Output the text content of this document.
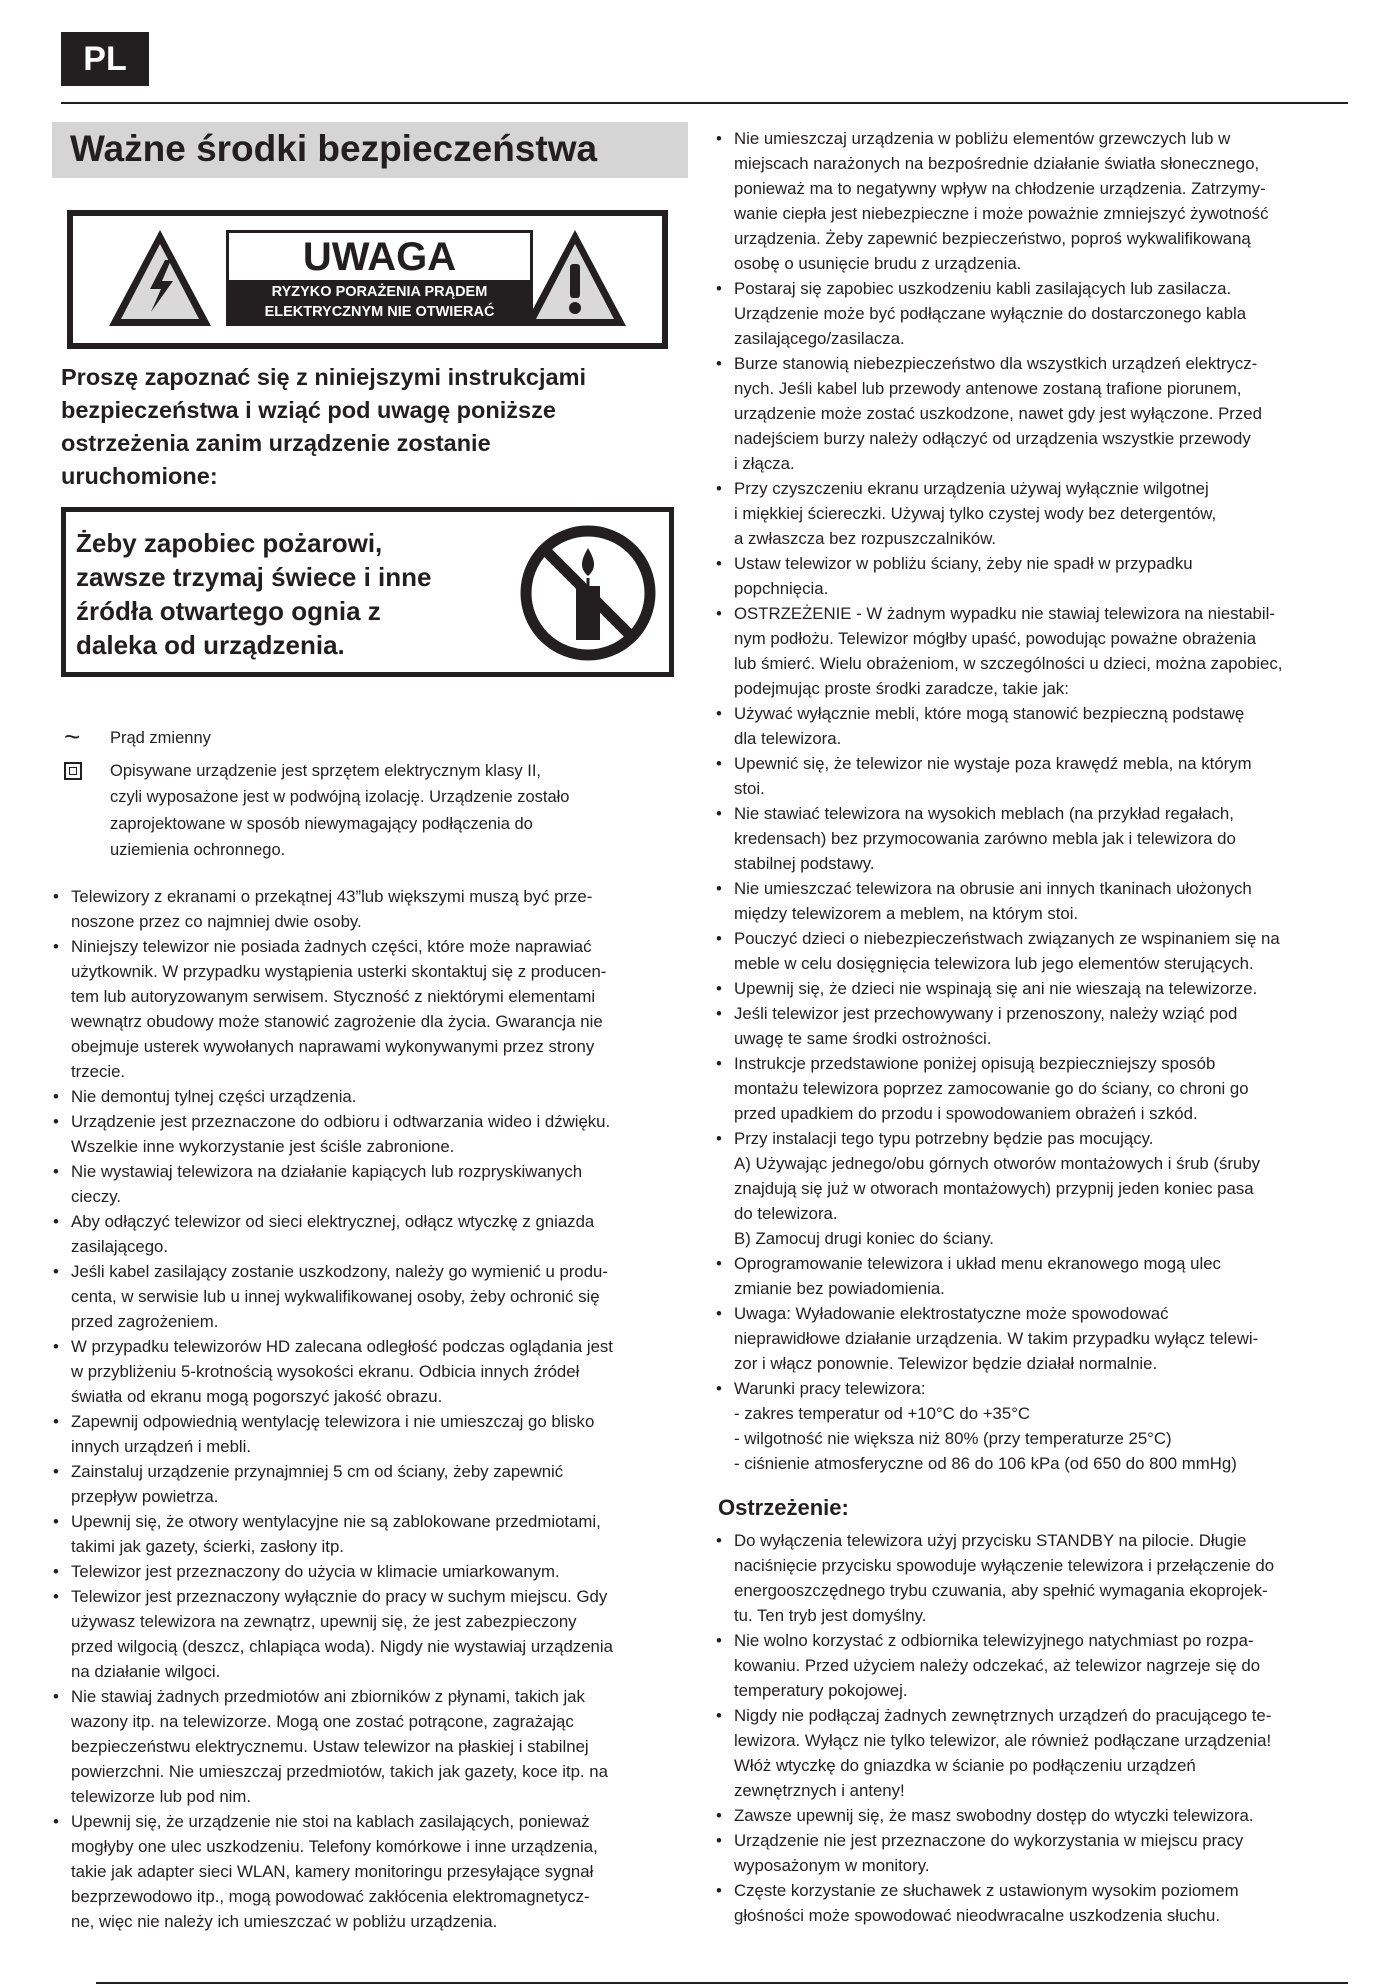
PL
Ważne środki bezpieczeństwa
UWAGA
RYZYKO PORAŻENIA PRĄDEM
ELEKTRYCZNYM NIE OTWIERAĆ
Proszę zapoznać się z niniejszymi instrukcjami
bezpieczeństwa i wziąć pod uwagę poniższe
ostrzeżenia zanim urządzenie zostanie
uruchomione:
Żeby zapobiec pożarowi,
zawsze trzymaj świece i inne
źródła otwartego ognia z
daleka od urządzenia.
~ Prąd zmienny
Opisywane urządzenie jest sprzętem elektrycznym klasy II,
czyli wyposażone jest w podwójną izolację. Urządzenie zostało
zaprojektowane w sposób niewymagający podłączenia do
uziemienia ochronnego.
• Telewizory z ekranami o przekątnej 43”lub większymi muszą być prze-
noszone przez co najmniej dwie osoby.
• Niniejszy telewizor nie posiada żadnych części, które może naprawiać
użytkownik. W przypadku wystąpienia usterki skontaktuj się z producen-
tem lub autoryzowanym serwisem. Styczność z niektórymi elementami
wewnątrz obudowy może stanowić zagrożenie dla życia. Gwarancja nie
obejmuje usterek wywołanych naprawami wykonywanymi przez strony
trzecie.
• Nie demontuj tylnej części urządzenia.
• Urządzenie jest przeznaczone do odbioru i odtwarzania wideo i dźwięku.
Wszelkie inne wykorzystanie jest ściśle zabronione.
• Nie wystawiaj telewizora na działanie kapiących lub rozpryskiwanych
cieczy.
• Aby odłączyć telewizor od sieci elektrycznej, odłącz wtyczkę z gniazda
zasilającego.
• Jeśli kabel zasilający zostanie uszkodzony, należy go wymienić u produ-
centa, w serwisie lub u innej wykwalifikowanej osoby, żeby ochronić się
przed zagrożeniem.
• W przypadku telewizorów HD zalecana odległość podczas oglądania jest
w przybliżeniu 5-krotnością wysokości ekranu. Odbicia innych źródeł
światła od ekranu mogą pogorszyć jakość obrazu.
• Zapewnij odpowiednią wentylację telewizora i nie umieszczaj go blisko
innych urządzeń i mebli.
• Zainstaluj urządzenie przynajmniej 5 cm od ściany, żeby zapewnić
przepływ powietrza.
• Upewnij się, że otwory wentylacyjne nie są zablokowane przedmiotami,
takimi jak gazety, ścierki, zasłony itp.
• Telewizor jest przeznaczony do użycia w klimacie umiarkowanym.
• Telewizor jest przeznaczony wyłącznie do pracy w suchym miejscu. Gdy
używasz telewizora na zewnątrz, upewnij się, że jest zabezpieczony
przed wilgocią (deszcz, chlapiąca woda). Nigdy nie wystawiaj urządzenia
na działanie wilgoci.
• Nie stawiaj żadnych przedmiotów ani zbiorników z płynami, takich jak
wazony itp. na telewizorze. Mogą one zostać potrącone, zagrażając
bezpieczeństwu elektrycznemu. Ustaw telewizor na płaskiej i stabilnej
powierzchni. Nie umieszczaj przedmiotów, takich jak gazety, koce itp. na
telewizorze lub pod nim.
• Upewnij się, że urządzenie nie stoi na kablach zasilających, ponieważ
mogłyby one ulec uszkodzeniu. Telefony komórkowe i inne urządzenia,
takie jak adapter sieci WLAN, kamery monitoringu przesyłające sygnał
bezprzewodowo itp., mogą powodować zakłócenia elektromagnetycz-
ne, więc nie należy ich umieszczać w pobliżu urządzenia.
• Nie umieszczaj urządzenia w pobliżu elementów grzewczych lub w
miejscach narażonych na bezpośrednie działanie światła słonecznego,
ponieważ ma to negatywny wpływ na chłodzenie urządzenia. Zatrzymy-
wanie ciepła jest niebezpieczne i może poważnie zmniejszyć żywotność
urządzenia. Żeby zapewnić bezpieczeństwo, poproś wykwalifikowaną
osobę o usunięcie brudu z urządzenia.
• Postaraj się zapobiec uszkodzeniu kabli zasilających lub zasilacza.
Urządzenie może być podłączane wyłącznie do dostarczonego kabla
zasilającego/zasilacza.
• Burze stanowią niebezpieczeństwo dla wszystkich urządzeń elektrycz-
nych. Jeśli kabel lub przewody antenowe zostaną trafione piorunem,
urządzenie może zostać uszkodzone, nawet gdy jest wyłączone. Przed
nadejściem burzy należy odłączyć od urządzenia wszystkie przewody
i złącza.
• Przy czyszczeniu ekranu urządzenia używaj wyłącznie wilgotnej
i miękkiej ściereczki. Używaj tylko czystej wody bez detergentów,
a zwłaszcza bez rozpuszczalników.
• Ustaw telewizor w pobliżu ściany, żeby nie spadł w przypadku
popchnięcia.
• OSTRZEŻENIE - W żadnym wypadku nie stawiaj telewizora na niestabil-
nym podłożu. Telewizor mógłby upaść, powodując poważne obrażenia
lub śmierć. Wielu obrażeniom, w szczególności u dzieci, można zapobiec,
podejmując proste środki zaradcze, takie jak:
• Używać wyłącznie mebli, które mogą stanowić bezpieczną podstawę
dla telewizora.
• Upewnić się, że telewizor nie wystaje poza krawędź mebla, na którym
stoi.
• Nie stawiać telewizora na wysokich meblach (na przykład regałach,
kredensach) bez przymocowania zarówno mebla jak i telewizora do
stabilnej podstawy.
• Nie umieszczać telewizora na obrusie ani innych tkaninach ułożonych
między telewizorem a meblem, na którym stoi.
• Pouczyć dzieci o niebezpieczeństwach związanych ze wspinaniem się na
meble w celu dosięgnięcia telewizora lub jego elementów sterujących.
• Upewnij się, że dzieci nie wspinają się ani nie wieszają na telewizorze.
• Jeśli telewizor jest przechowywany i przenoszony, należy wziąć pod
uwagę te same środki ostrożności.
• Instrukcje przedstawione poniżej opisują bezpieczniejszy sposób
montażu telewizora poprzez zamocowanie go do ściany, co chroni go
przed upadkiem do przodu i spowodowaniem obrażeń i szkód.
• Przy instalacji tego typu potrzebny będzie pas mocujący.
A) Używając jednego/obu górnych otworów montażowych i śrub (śruby
znajdują się już w otworach montażowych) przypnij jeden koniec pasa
do telewizora.
B) Zamocuj drugi koniec do ściany.
• Oprogramowanie telewizora i układ menu ekranowego mogą ulec
zmianie bez powiadomienia.
• Uwaga: Wyładowanie elektrostatyczne może spowodować
nieprawidłowe działanie urządzenia. W takim przypadku wyłącz telewi-
zor i włącz ponownie. Telewizor będzie działał normalnie.
• Warunki pracy telewizora:
- zakres temperatur od +10°C do +35°C
- wilgotność nie większa niż 80% (przy temperaturze 25°C)
- ciśnienie atmosferyczne od 86 do 106 kPa (od 650 do 800 mmHg)
Ostrzeżenie:
• Do wyłączenia telewizora użyj przycisku STANDBY na pilocie. Długie
naciśnięcie przycisku spowoduje wyłączenie telewizora i przełączenie do
energooszczędnego trybu czuwania, aby spełnić wymagania ekoprojek-
tu. Ten tryb jest domyślny.
• Nie wolno korzystać z odbiornika telewizyjnego natychmiast po rozpa-
kowaniu. Przed użyciem należy odczekać, aż telewizor nagrzeje się do
temperatury pokojowej.
• Nigdy nie podłączaj żadnych zewnętrznych urządzeń do pracującego te-
lewizora. Wyłącz nie tylko telewizor, ale również podłączane urządzenia!
Włóż wtyczkę do gniazdka w ścianie po podłączeniu urządzeń
zewnętrznych i anteny!
• Zawsze upewnij się, że masz swobodny dostęp do wtyczki telewizora.
• Urządzenie nie jest przeznaczone do wykorzystania w miejscu pracy
wyposażonym w monitory.
• Częste korzystanie ze słuchawek z ustawionym wysokim poziomem
głośności może spowodować nieodwracalne uszkodzenia słuchu.
